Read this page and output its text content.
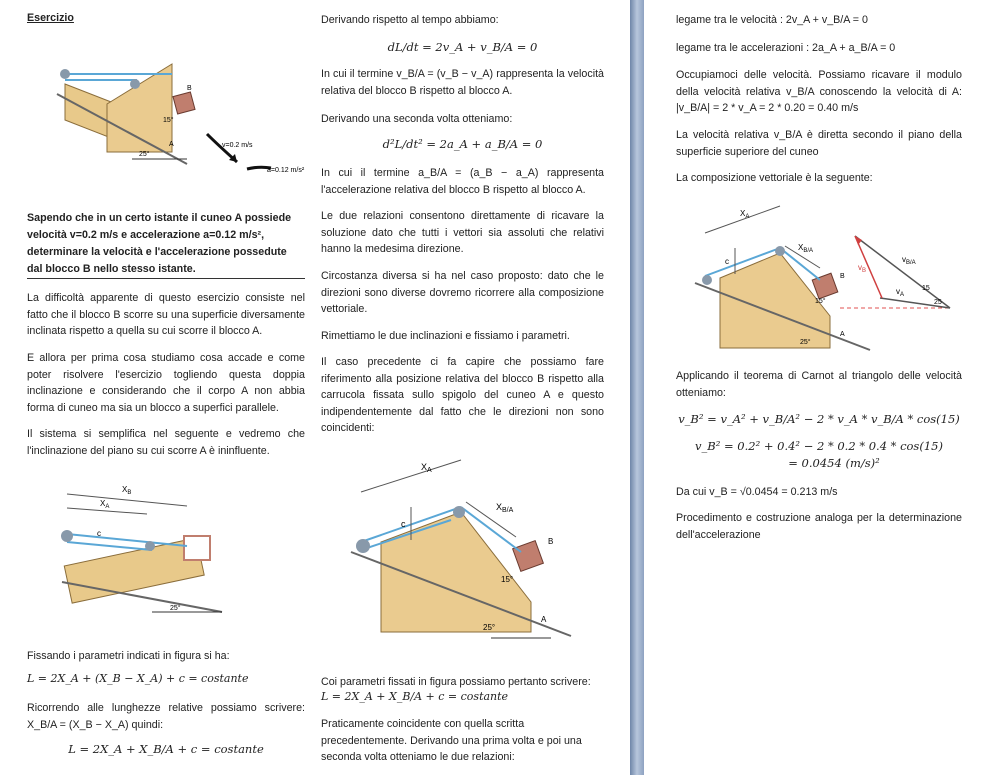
Esercizio
B
15°
A
25°
v=0.2 m/s
a=0.12 m/s²

Sapendo che in un certo istante il cuneo A possiede velocità v=0.2 m/s e accelerazione a=0.12 m/s², determinare la velocità e l'accelerazione possedute dal blocco B nello stesso istante.

La difficoltà apparente di questo esercizio consiste nel fatto che il blocco B scorre su una superficie diversamente inclinata rispetto a quella su cui scorre il blocco A.

E allora per prima cosa studiamo cosa accade e come poter risolvere l'esercizio togliendo questa doppia inclinazione e considerando che il corpo A non abbia forma di cuneo ma sia un blocco a superfici parallele.

Il sistema si semplifica nel seguente e vedremo che l'inclinazione del piano su cui scorre A è ininfluente.

$X_B$
$X_A$
c
25°

Fissando i parametri indicati in figura si ha:

L = 2X_A + (X_B − X_A) + c = costante

Ricorrendo alle lunghezze relative possiamo scrivere: X_B/A = (X_B − X_A) quindi:

L = 2X_A + X_B/A + c = costante

Derivando rispetto al tempo abbiamo:

dL/dt = 2v_A + v_B/A = 0

In cui il termine v_B/A = (v_B − v_A) rappresenta la velocità relativa del blocco B rispetto al blocco A.

Derivando una seconda volta otteniamo:

d²L/dt² = 2a_A + a_B/A = 0

In cui il termine a_B/A = (a_B − a_A) rappresenta l'accelerazione relativa del blocco B rispetto al blocco A.

Le due relazioni consentono direttamente di ricavare la soluzione dato che tutti i vettori sia assoluti che relativi hanno la medesima direzione.

Circostanza diversa si ha nel caso proposto: dato che le direzioni sono diverse dovremo ricorrere alla composizione vettoriale.

Rimettiamo le due inclinazioni e fissiamo i parametri.

Il caso precedente ci fa capire che possiamo fare riferimento alla posizione relativa del blocco B rispetto alla carrucola fissata sullo spigolo del cuneo A e questo indipendentemente dal fatto che le direzioni non sono coincidenti:

$X_A$
$X_{B/A}$
c
B
15°
A
25°

Coi parametri fissati in figura possiamo pertanto scrivere:

L = 2X_A + X_B/A + c = costante

Praticamente coincidente con quella scritta precedentemente. Derivando una prima volta e poi una seconda volta otteniamo le due relazioni:

legame tra le velocità : 2v_A + v_B/A = 0

legame tra le accelerazioni : 2a_A + a_B/A = 0

Occupiamoci delle velocità. Possiamo ricavare il modulo della velocità relativa v_B/A conoscendo la velocità di A: |v_B/A| = 2 * v_A = 2 * 0.20 = 0.40 m/s

La velocità relativa v_B/A è diretta secondo il piano della superficie superiore del cuneo

La composizione vettoriale è la seguente:

$X_A$
$X_{B/A}$
c
B
15°
A
25°
$v_B$
$v_{B/A}$
$v_A$
15
25

Applicando il teorema di Carnot al triangolo delle velocità otteniamo:

v_B² = v_A² + v_B/A² − 2 * v_A * v_B/A * cos(15)
v_B² = 0.2² + 0.4² − 2 * 0.2 * 0.4 * cos(15)
= 0.0454 (m/s)²

Da cui v_B = √0.0454 = 0.213 m/s

Procedimento e costruzione analoga per la determinazione dell'accelerazione
